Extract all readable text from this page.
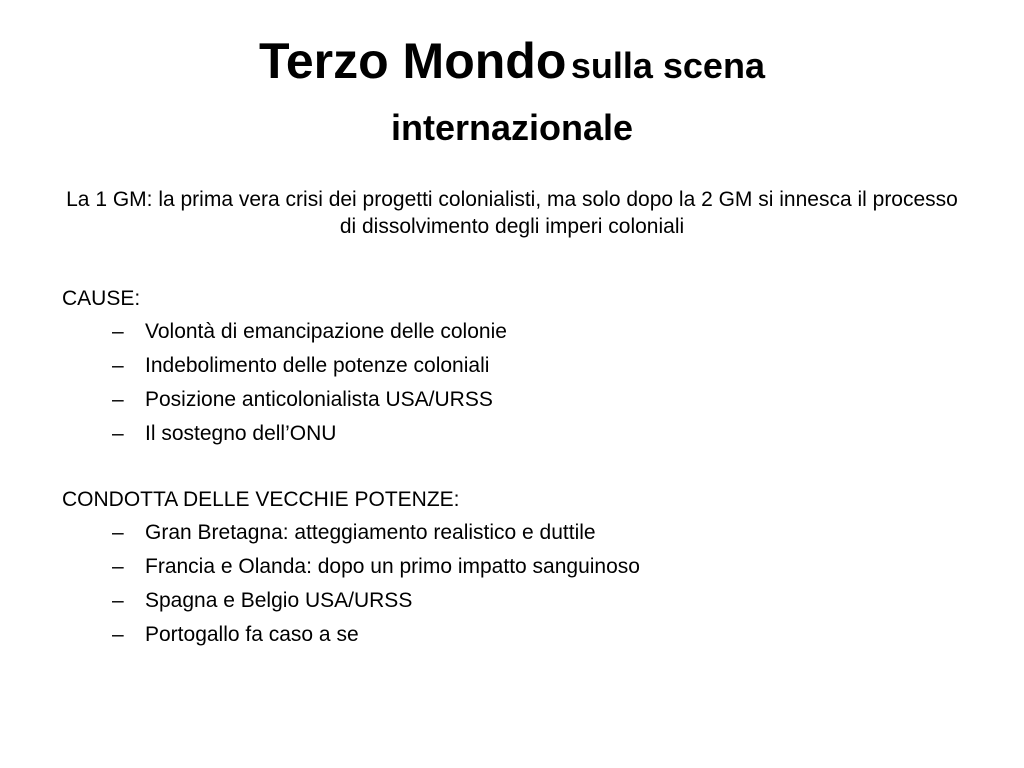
Terzo Mondo sulla scena
internazionale
La 1 GM: la prima vera crisi dei progetti colonialisti, ma solo dopo la 2 GM si innesca il processo di dissolvimento degli imperi coloniali
CAUSE:
– Volontà di emancipazione delle colonie
– Indebolimento delle potenze coloniali
– Posizione anticolonialista USA/URSS
– Il sostegno dell’ONU
CONDOTTA DELLE VECCHIE POTENZE:
– Gran Bretagna: atteggiamento realistico e duttile
– Francia e Olanda: dopo un primo impatto sanguinoso
– Spagna e Belgio USA/URSS
– Portogallo fa caso a se
